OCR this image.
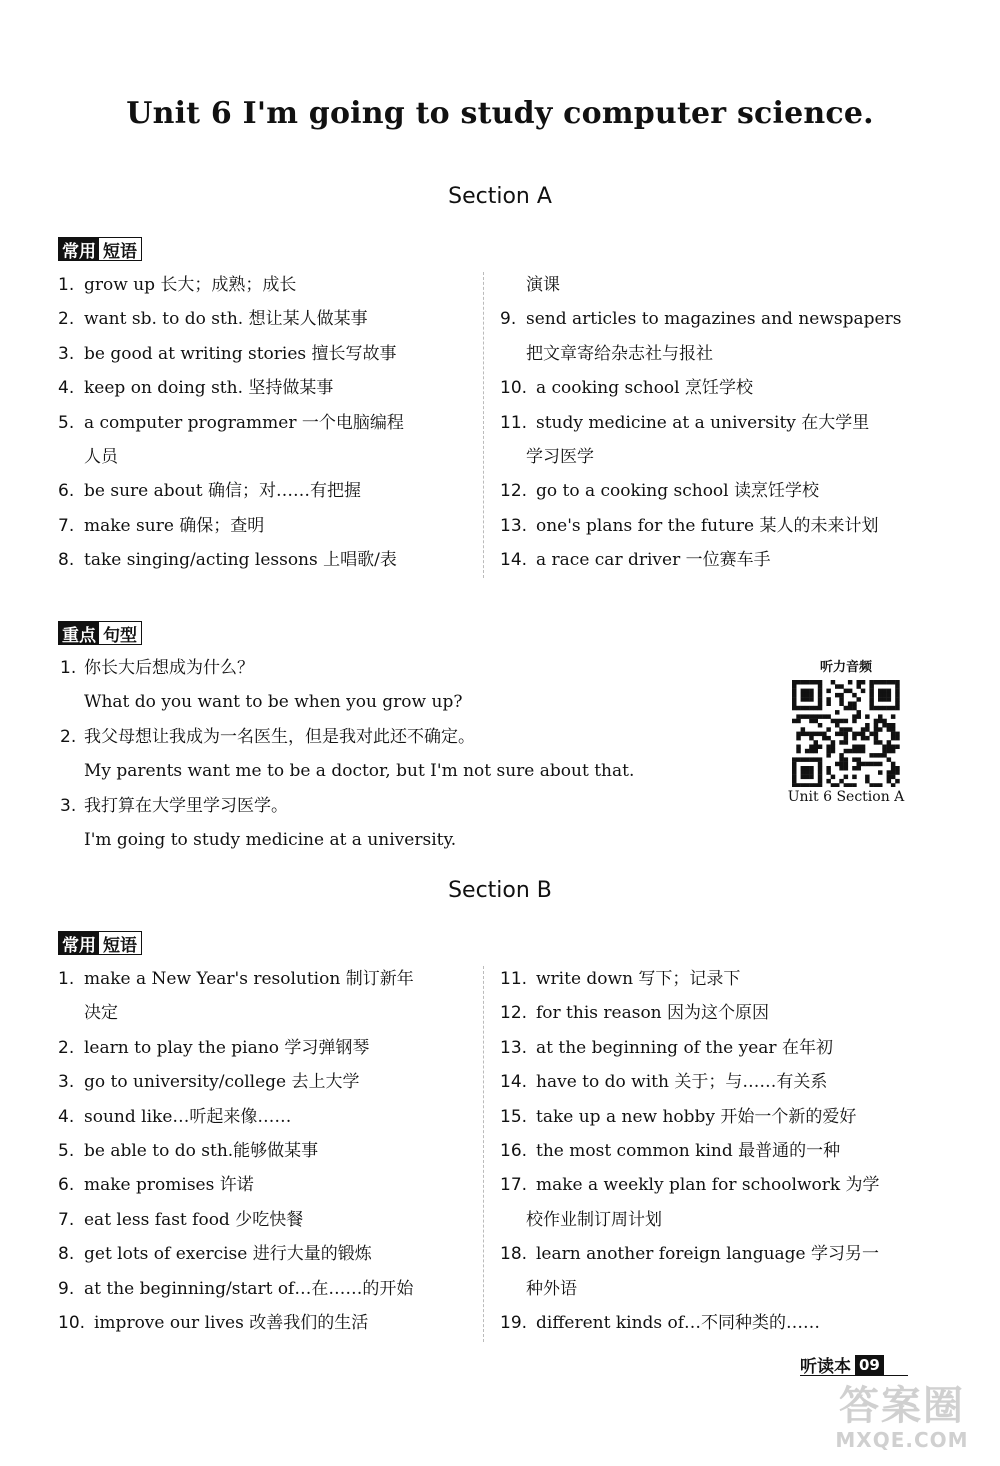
Unit 6 I'm going to study computer science.
Section A
常用 短语
1. grow up 长大；成熟；成长
2. want sb. to do sth. 想让某人做某事
3. be good at writing stories 擅长写故事
4. keep on doing sth. 坚持做某事
5. a computer programmer 一个电脑编程
人员
6. be sure about 确信；对……有把握
7. make sure 确保；查明
8. take singing/acting lessons 上唱歌/表
演课
9. send articles to magazines and newspapers
把文章寄给杂志社与报社
10. a cooking school 烹饪学校
11. study medicine at a university 在大学里
学习医学
12. go to a cooking school 读烹饪学校
13. one's plans for the future 某人的未来计划
14. a race car driver 一位赛车手
重点 句型
1. 你长大后想成为什么？
What do you want to be when you grow up?
2. 我父母想让我成为一名医生，但是我对此还不确定。
My parents want me to be a doctor, but I'm not sure about that.
3. 我打算在大学里学习医学。
I'm going to study medicine at a university.
听力音频
Unit 6 Section A
Section B
常用 短语
1. make a New Year's resolution 制订新年
决定
2. learn to play the piano 学习弹钢琴
3. go to university/college 去上大学
4. sound like…听起来像……
5. be able to do sth.能够做某事
6. make promises 许诺
7. eat less fast food 少吃快餐
8. get lots of exercise 进行大量的锻炼
9. at the beginning/start of…在……的开始
10. improve our lives 改善我们的生活
11. write down 写下；记录下
12. for this reason 因为这个原因
13. at the beginning of the year 在年初
14. have to do with 关于；与……有关系
15. take up a new hobby 开始一个新的爱好
16. the most common kind 最普通的一种
17. make a weekly plan for schoolwork 为学
校作业制订周计划
18. learn another foreign language 学习另一
种外语
19. different kinds of…不同种类的……
听读本 09
答案圈
MXQE.COM
